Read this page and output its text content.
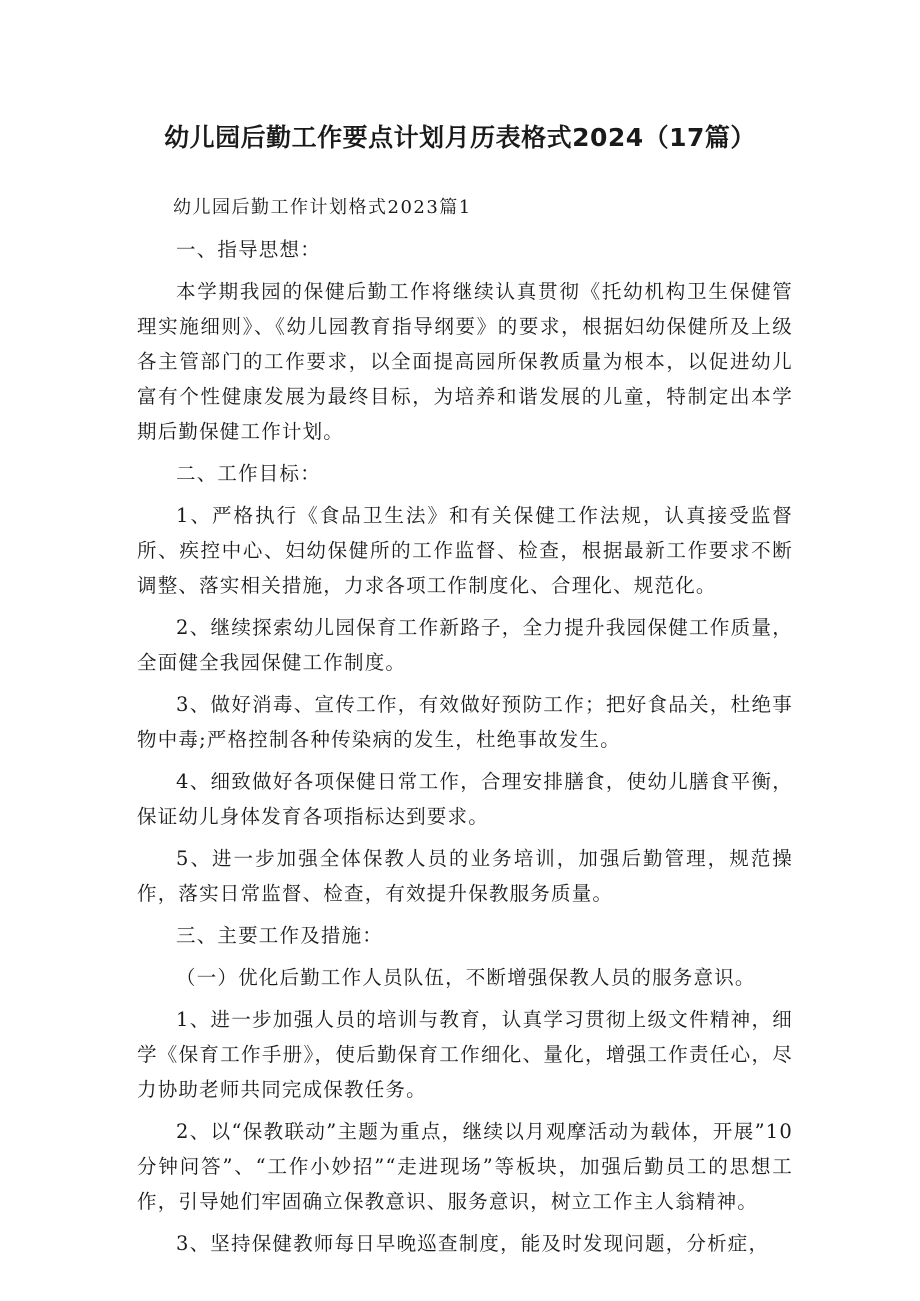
幼儿园后勤工作要点计划月历表格式2024（17篇）

幼儿园后勤工作计划格式2023篇1

一、指导思想：

本学期我园的保健后勤工作将继续认真贯彻《托幼机构卫生保健管理实施细则》、《幼儿园教育指导纲要》的要求，根据妇幼保健所及上级各主管部门的工作要求，以全面提高园所保教质量为根本，以促进幼儿富有个性健康发展为最终目标，为培养和谐发展的儿童，特制定出本学期后勤保健工作计划。

二、工作目标：

1、严格执行《食品卫生法》和有关保健工作法规，认真接受监督所、疾控中心、妇幼保健所的工作监督、检查，根据最新工作要求不断调整、落实相关措施，力求各项工作制度化、合理化、规范化。

2、继续探索幼儿园保育工作新路子，全力提升我园保健工作质量，全面健全我园保健工作制度。

3、做好消毒、宣传工作，有效做好预防工作；把好食品关，杜绝事物中毒;严格控制各种传染病的发生，杜绝事故发生。

4、细致做好各项保健日常工作，合理安排膳食，使幼儿膳食平衡，保证幼儿身体发育各项指标达到要求。

5、进一步加强全体保教人员的业务培训，加强后勤管理，规范操作，落实日常监督、检查，有效提升保教服务质量。

三、主要工作及措施：

（一）优化后勤工作人员队伍，不断增强保教人员的服务意识。

1、进一步加强人员的培训与教育，认真学习贯彻上级文件精神，细学《保育工作手册》，使后勤保育工作细化、量化，增强工作责任心，尽力协助老师共同完成保教任务。

2、以“保教联动”主题为重点，继续以月观摩活动为载体，开展”10分钟问答”、“工作小妙招”“走进现场”等板块，加强后勤员工的思想工作，引导她们牢固确立保教意识、服务意识，树立工作主人翁精神。

3、坚持保健教师每日早晚巡查制度，能及时发现问题，分析症，
